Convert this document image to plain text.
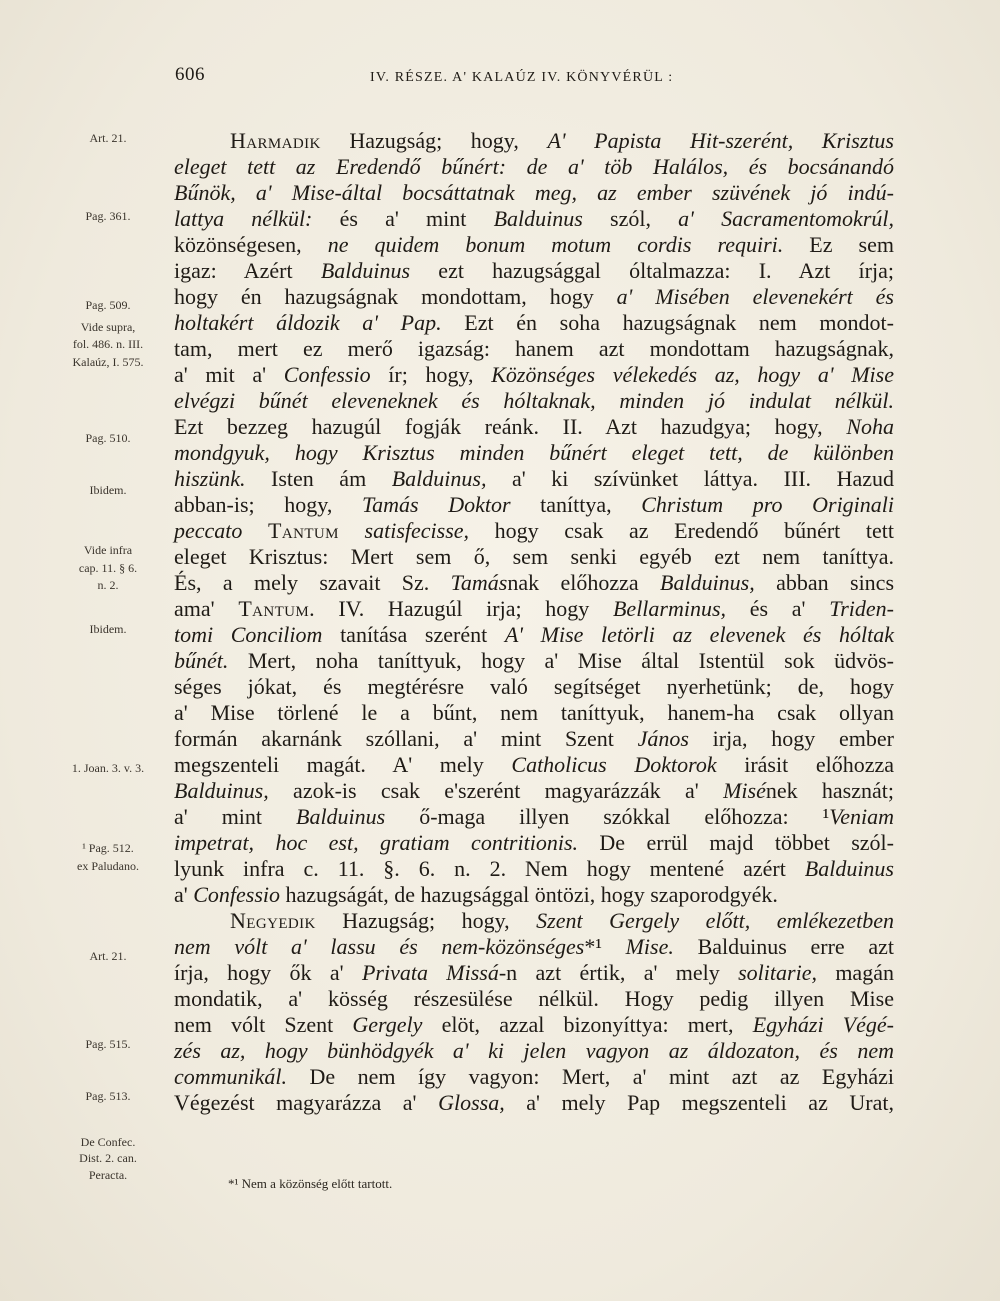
606	IV. RÉSZE. A' KALAÚZ IV. KÖNYVÉRÜL :
Art. 21.
Pag. 361.
Pag. 509.
Vide supra,
fol. 486. n. III.
Kalaúz, I. 575.
Pag. 510.
Ibidem.
Vide infra
cap. 11. § 6.
n. 2.
Ibidem.
1. Joan. 3. v. 3.
¹ Pag. 512.
ex Paludano.
Art. 21.
Pag. 515.
Pag. 513.
De Confec.
Dist. 2. can.
Peracta.
Harmadik Hazugság; hogy, A' Papista Hit-szerént, Krisztus
eleget tett az Eredendő bűnért: de a' töb Halálos, és bocsánandó
Bűnök, a' Mise-által bocsáttatnak meg, az ember szüvének jó indú-
lattya nélkül: és a' mint Balduinus szól, a' Sacramentomokrúl,
közönségesen, ne quidem bonum motum cordis requiri. Ez sem
igaz: Azért Balduinus ezt hazugsággal óltalmazza: I. Azt írja;
hogy én hazugságnak mondottam, hogy a' Misében elevenekért és
holtakért áldozik a' Pap. Ezt én soha hazugságnak nem mondot-
tam, mert ez merő igazság: hanem azt mondottam hazugságnak,
a' mit a' Confessio ír; hogy, Közönséges vélekedés az, hogy a' Mise
elvégzi bűnét eleveneknek és hóltaknak, minden jó indulat nélkül.
Ezt bezzeg hazugúl fogják reánk. II. Azt hazudgya; hogy, Noha
mondgyuk, hogy Krisztus minden bűnért eleget tett, de különben
hiszünk. Isten ám Balduinus, a' ki szívünket láttya. III. Hazud
abban-is; hogy, Tamás Doktor taníttya, Christum pro Originali
peccato Tantum satisfecisse, hogy csak az Eredendő bűnért tett
eleget Krisztus: Mert sem ő, sem senki egyéb ezt nem taníttya.
És, a mely szavait Sz. Tamásnak előhozza Balduinus, abban sincs
ama' Tantum. IV. Hazugúl irja; hogy Bellarminus, és a' Triden-
tomi Conciliom tanítása szerént A' Mise letörli az elevenek és hóltak
bűnét. Mert, noha taníttyuk, hogy a' Mise által Istentül sok üdvös-
séges jókat, és megtérésre való segítséget nyerhetünk; de, hogy
a' Mise törlené le a bűnt, nem taníttyuk, hanem-ha csak ollyan
formán akarnánk szóllani, a' mint Szent János irja, hogy ember
megszenteli magát. A' mely Catholicus Doktorok irásit előhozza
Balduinus, azok-is csak e'szerént magyarázzák a' Misének hasznát;
a' mint Balduinus ő-maga illyen szókkal előhozza: ¹Veniam
impetrat, hoc est, gratiam contritionis. De errül majd többet szól-
lyunk infra c. 11. §. 6. n. 2. Nem hogy mentené azért Balduinus
a' Confessio hazugságát, de hazugsággal öntözi, hogy szaporodgyék.
Negyedik Hazugság; hogy, Szent Gergely előtt, emlékezetben
nem vólt a' lassu és nem-közönséges*¹ Mise. Balduinus erre azt
írja, hogy ők a' Privata Missá-n azt értik, a' mely solitarie, magán
mondatik, a' kösség részesülése nélkül. Hogy pedig illyen Mise
nem vólt Szent Gergely elöt, azzal bizonyíttya: mert, Egyházi Végé-
zés az, hogy bünhödgyék a' ki jelen vagyon az áldozaton, és nem
communikál. De nem így vagyon: Mert, a' mint azt az Egyházi
Végezést magyarázza a' Glossa, a' mely Pap megszenteli az Urat,
*¹ Nem a közönség előtt tartott.
